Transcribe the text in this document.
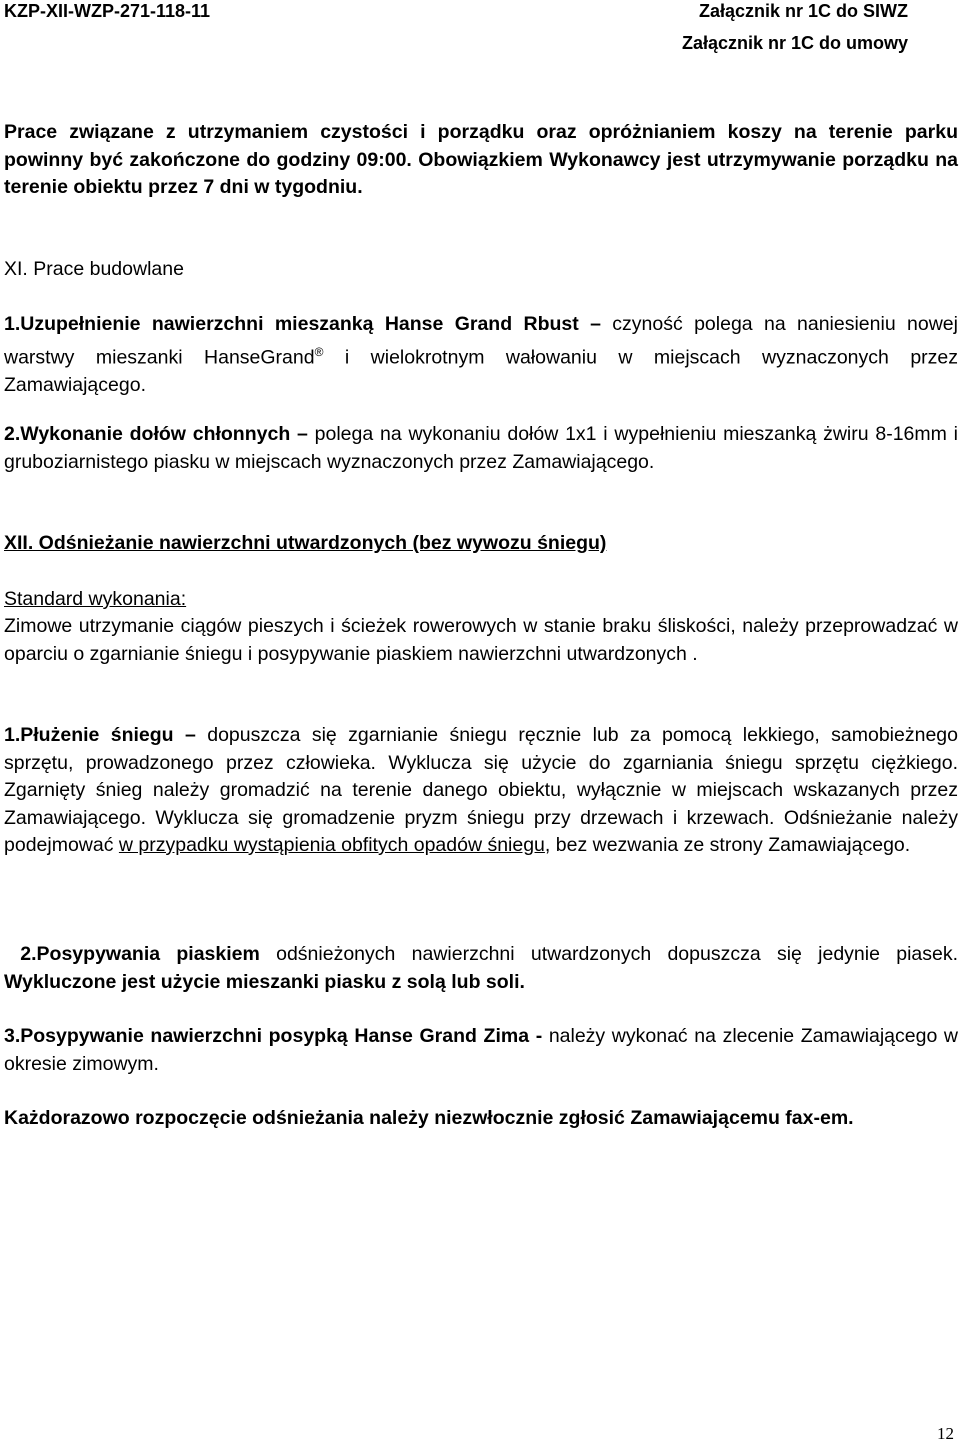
KZP-XII-WZP-271-118-11	Załącznik nr 1C do SIWZ
Załącznik nr 1C do umowy
Prace związane z utrzymaniem czystości i porządku oraz opróżnianiem koszy na terenie parku powinny być zakończone do godziny 09:00. Obowiązkiem Wykonawcy jest utrzymywanie porządku na terenie obiektu przez 7 dni w tygodniu.
XI. Prace budowlane
1.Uzupełnienie nawierzchni mieszanką Hanse Grand Rbust – czyność polega na naniesieniu nowej warstwy mieszanki HanseGrand® i wielokrotnym wałowaniu w miejscach wyznaczonych przez Zamawiającego.
2.Wykonanie dołów chłonnych – polega na wykonaniu dołów 1x1 i wypełnieniu mieszanką żwiru 8-16mm i gruboziarnistego piasku w miejscach wyznaczonych przez Zamawiającego.
XII. Odśnieżanie nawierzchni utwardzonych (bez wywozu śniegu)
Standard wykonania:
Zimowe utrzymanie ciągów pieszych i ścieżek rowerowych w stanie braku śliskości, należy przeprowadzać w oparciu o zgarnianie śniegu i posypywanie piaskiem nawierzchni utwardzonych .
1.Płużenie śniegu – dopuszcza się zgarnianie śniegu ręcznie lub za pomocą lekkiego, samobieżnego sprzętu, prowadzonego przez człowieka. Wyklucza się użycie do zgarniania śniegu sprzętu ciężkiego. Zgarnięty śnieg należy gromadzić na terenie danego obiektu, wyłącznie w miejscach wskazanych przez Zamawiającego. Wyklucza się gromadzenie pryzm śniegu przy drzewach i krzewach. Odśnieżanie należy podejmować w przypadku wystąpienia obfitych opadów śniegu, bez wezwania ze strony Zamawiającego.
2.Posypywania piaskiem odśnieżonych nawierzchni utwardzonych dopuszcza się jedynie piasek. Wykluczone jest użycie mieszanki piasku z solą lub soli.
3.Posypywanie nawierzchni posypką Hanse Grand Zima - należy wykonać na zlecenie Zamawiającego w okresie zimowym.
Każdorazowo rozpoczęcie odśnieżania należy niezwłocznie zgłosić Zamawiającemu fax-em.
12
